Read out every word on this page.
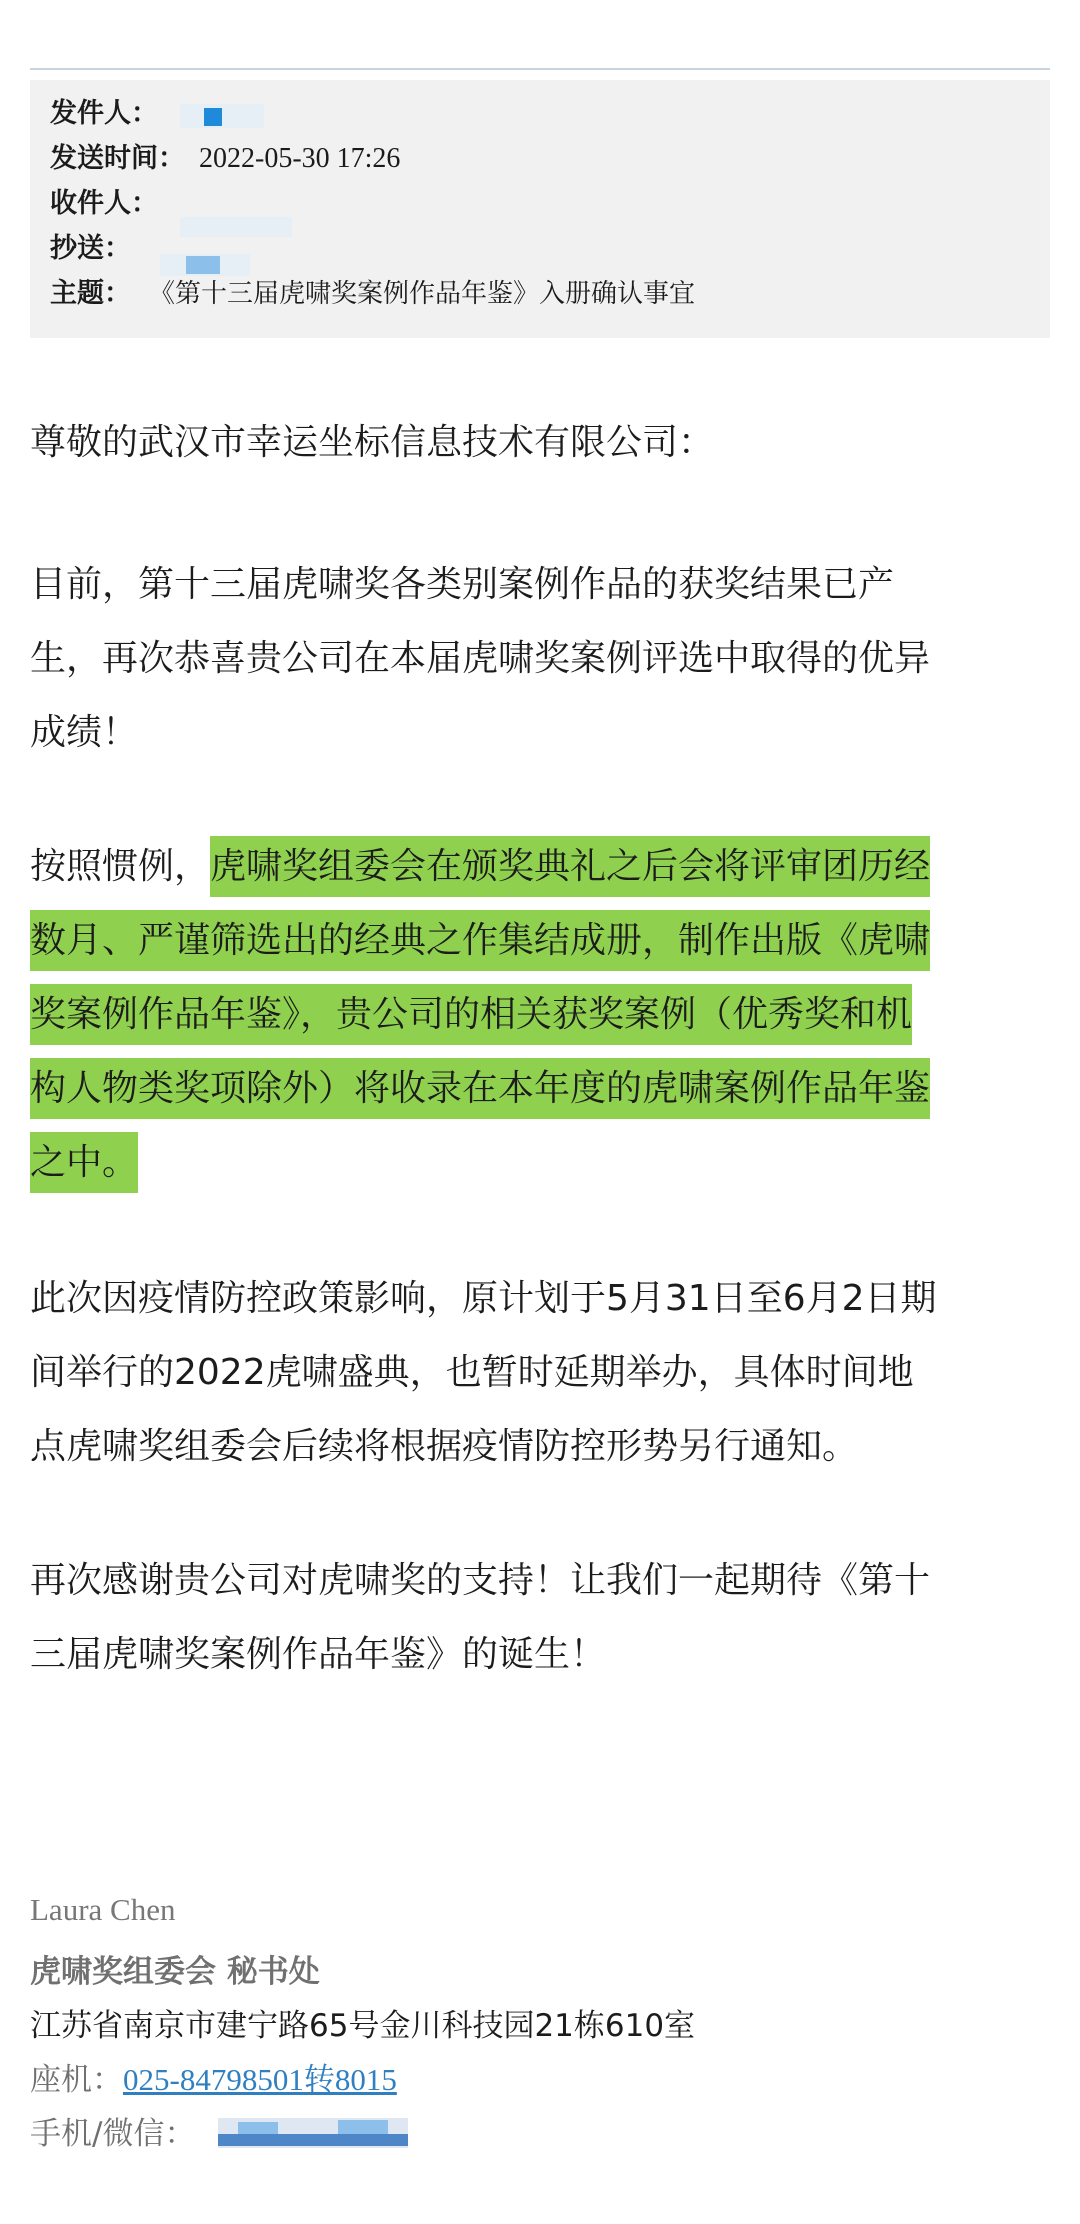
发件人：
发送时间： 2022-05-30 17:26
收件人：
抄送：
主题： 《第十三届虎啸奖案例作品年鉴》入册确认事宜
尊敬的武汉市幸运坐标信息技术有限公司：
目前，第十三届虎啸奖各类别案例作品的获奖结果已产
生，再次恭喜贵公司在本届虎啸奖案例评选中取得的优异
成绩！
按照惯例，虎啸奖组委会在颁奖典礼之后会将评审团历经
数月、严谨筛选出的经典之作集结成册，制作出版《虎啸
奖案例作品年鉴》，贵公司的相关获奖案例（优秀奖和机
构人物类奖项除外）将收录在本年度的虎啸案例作品年鉴
之中。
此次因疫情防控政策影响，原计划于5月31日至6月2日期
间举行的2022虎啸盛典，也暂时延期举办，具体时间地
点虎啸奖组委会后续将根据疫情防控形势另行通知。
再次感谢贵公司对虎啸奖的支持！让我们一起期待《第十
三届虎啸奖案例作品年鉴》的诞生！
Laura Chen
虎啸奖组委会 秘书处
江苏省南京市建宁路65号金川科技园21栋610室
座机：025-84798501转8015
手机/微信：
